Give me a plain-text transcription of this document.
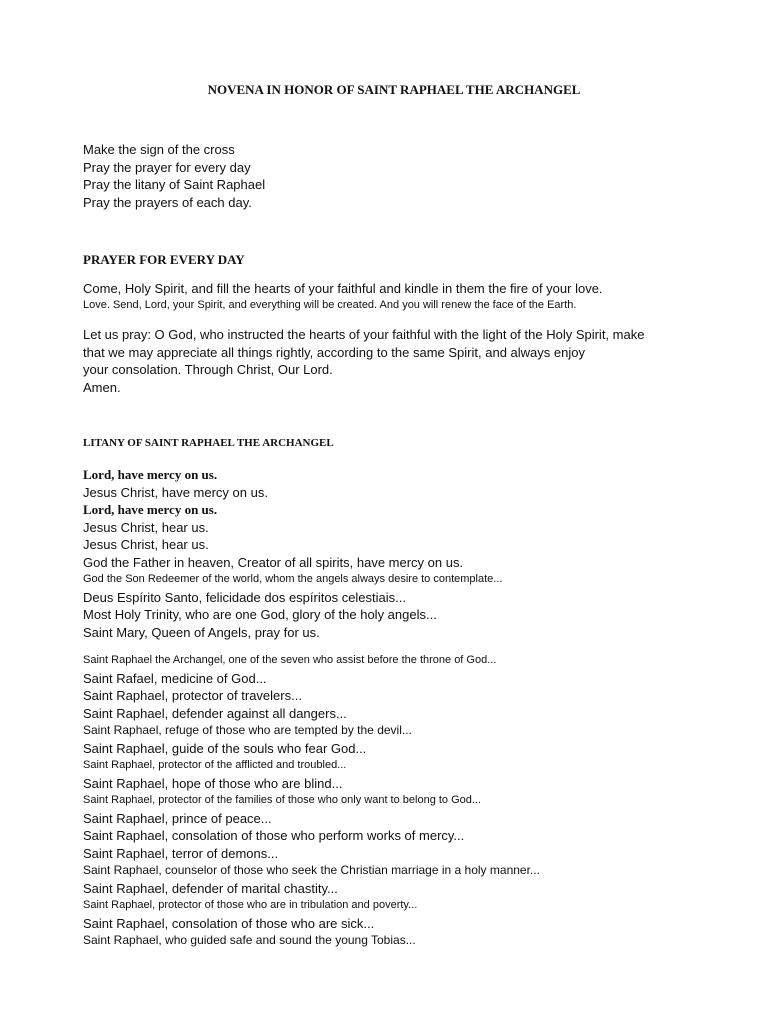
NOVENA IN HONOR OF SAINT RAPHAEL THE ARCHANGEL
Make the sign of the cross
Pray the prayer for every day
Pray the litany of Saint Raphael
Pray the prayers of each day.
PRAYER FOR EVERY DAY
Come, Holy Spirit, and fill the hearts of your faithful and kindle in them the fire of your love.
Love. Send, Lord, your Spirit, and everything will be created. And you will renew the face of the Earth.
Let us pray: O God, who instructed the hearts of your faithful with the light of the Holy Spirit, make
that we may appreciate all things rightly, according to the same Spirit, and always enjoy
your consolation. Through Christ, Our Lord.
Amen.
LITANY OF SAINT RAPHAEL THE ARCHANGEL
Lord, have mercy on us.
Jesus Christ, have mercy on us.
Lord, have mercy on us.
Jesus Christ, hear us.
Jesus Christ, hear us.
God the Father in heaven, Creator of all spirits, have mercy on us.
God the Son Redeemer of the world, whom the angels always desire to contemplate...
Deus Espírito Santo, felicidade dos espíritos celestiais...
Most Holy Trinity, who are one God, glory of the holy angels...
Saint Mary, Queen of Angels, pray for us.
Saint Raphael the Archangel, one of the seven who assist before the throne of God...
Saint Rafael, medicine of God...
Saint Raphael, protector of travelers...
Saint Raphael, defender against all dangers...
Saint Raphael, refuge of those who are tempted by the devil...
Saint Raphael, guide of the souls who fear God...
Saint Raphael, protector of the afflicted and troubled...
Saint Raphael, hope of those who are blind...
Saint Raphael, protector of the families of those who only want to belong to God...
Saint Raphael, prince of peace...
Saint Raphael, consolation of those who perform works of mercy...
Saint Raphael, terror of demons...
Saint Raphael, counselor of those who seek the Christian marriage in a holy manner...
Saint Raphael, defender of marital chastity...
Saint Raphael, protector of those who are in tribulation and poverty...
Saint Raphael, consolation of those who are sick...
Saint Raphael, who guided safe and sound the young Tobias...
